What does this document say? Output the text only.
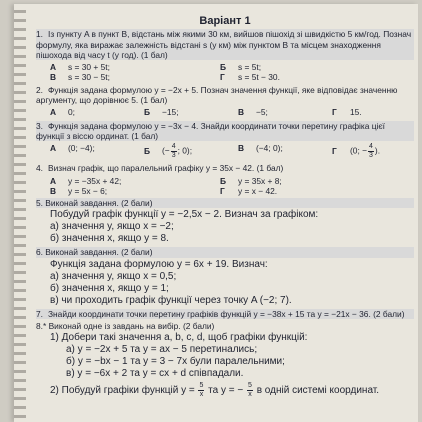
Варіант 1
1. Із пункту A в пункт B, відстань між якими 30 км, вийшов пішохід зі швидкістю 5 км/год. Познач формулу, яка виражає залежність відстані s (у км) між пунктом B та місцем знаходження пішохода від часу t (у год). (1 бал)
А s = 30 + 5t;	Б s = 5t;
В s = 30 − 5t;	Г s = 5t − 30.
2. Функція задана формулою y = −2x + 5. Познач значення функції, яке відповідає значенню аргументу, що дорівнює 5. (1 бал)
А 0;	Б −15;	В −5;	Г 15.
3. Функція задана формулою y = −3x − 4. Знайди координати точки перетину графіка цієї функції з віссю ординат. (1 бал)
А (0; −4);	Б (− $\frac{4}{3}$ ; 0);	В (−4; 0);	Г (0; − $\frac{4}{3}$ ).
4. Визнач графік, що паралельний графіку y = 35x − 42. (1 бал)
А y = −35x + 42;	Б y = 35x + 8;
В y = 5x − 6;	Г y = x − 42.
5. Виконай завдання. (2 бали)
Побудуй графік функції y = −2,5x − 2. Визнач за графіком:
а) значення y, якщо x = −2;
б) значення x, якщо y = 8.
6. Виконай завдання. (2 бали)
Функція задана формулою y = 6x + 19. Визнач:
а) значення y, якщо x = 0,5;
б) значення x, якщо y = 1;
в) чи проходить графік функції через точку A (−2; 7).
7. Знайди координати точки перетину графіків функцій y = −38x + 15 та y = −21x − 36. (2 бали)
8.* Виконай одне із завдань на вибір. (2 бали)
1) Добери такі значення a, b, c, d, щоб графіки функцій:
а) y = −2x + 5 та y = ax − 5 перетинались;
б) y = −bx − 1 та y = 3 − 7x були паралельними;
в) y = −6x + 2 та y = cx + d співпадали.
2) Побудуй графіки функцій $y = \frac{5}{x}$ та y = − $\frac{5}{x}$ в одній системі координат.
